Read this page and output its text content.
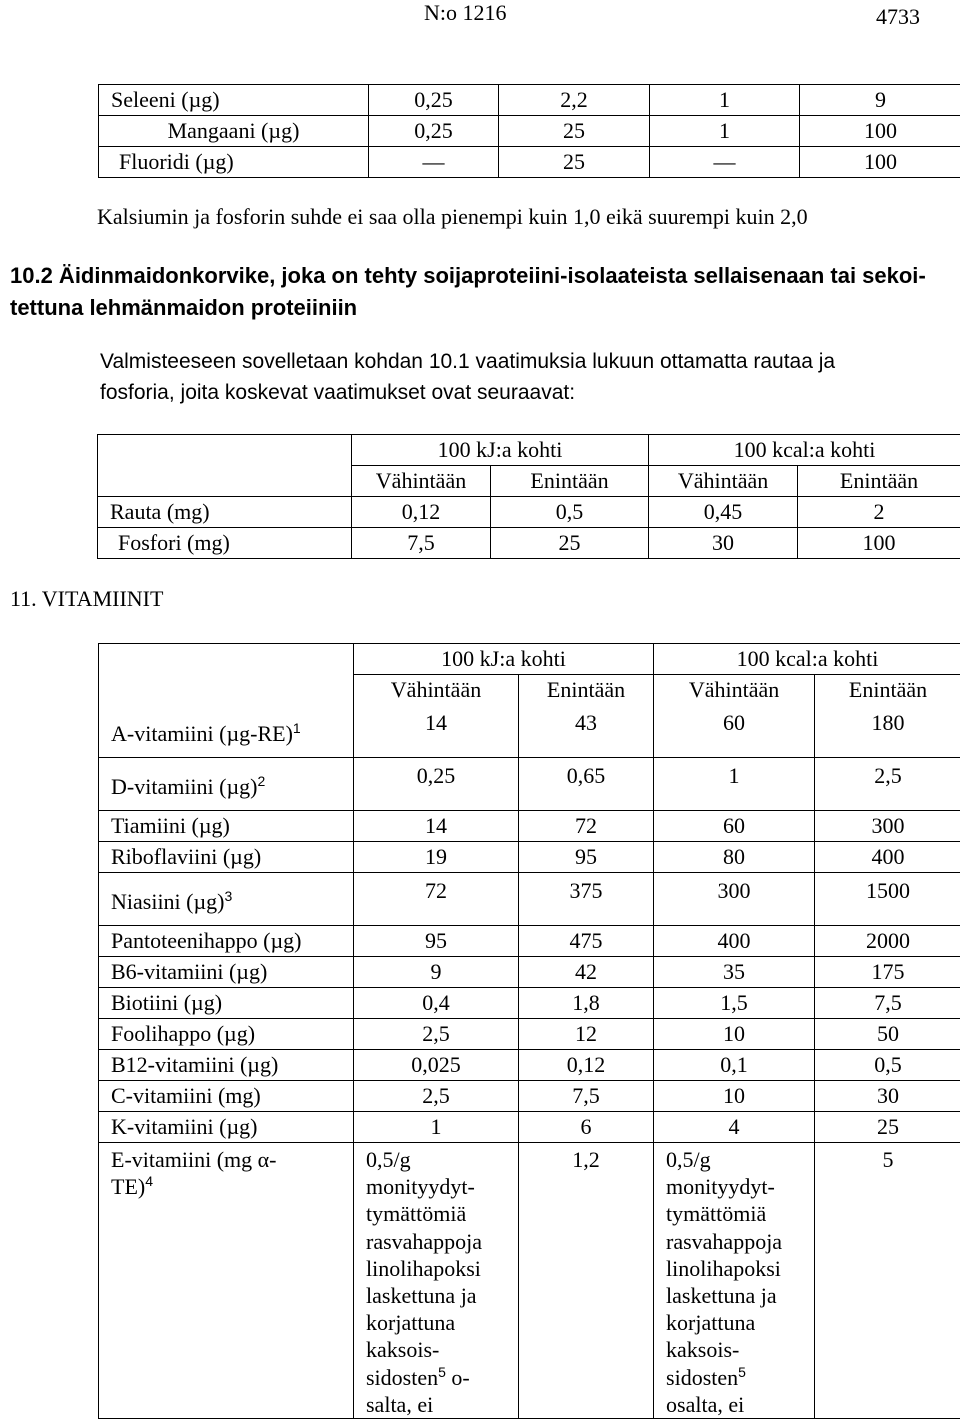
N:o 1216	4733
Seleeni (µg)	0,25	2,2	1	9
Mangaani (µg)	0,25	25	1	100
Fluoridi (µg)	—	25	—	100
Kalsiumin ja fosforin suhde ei saa olla pienempi kuin 1,0 eikä suurempi kuin 2,0
10.2 Äidinmaidonkorvike, joka on tehty soijaproteiini-isolaateista sellaisenaan tai sekoitettuna lehmänmaidon proteiiniin
Valmisteeseen sovelletaan kohdan 10.1 vaatimuksia lukuun ottamatta rautaa ja fosforia, joita koskevat vaatimukset ovat seuraavat:
	100 kJ:a kohti		100 kcal:a kohti	
	Vähintään	Enintään	Vähintään	Enintään
Rauta (mg)	0,12	0,5	0,45	2
Fosfori (mg)	7,5	25	30	100
11. VITAMIINIT
	100 kJ:a kohti		100 kcal:a kohti	
	Vähintään	Enintään	Vähintään	Enintään
A-vitamiini $(\mu g-RE)^1$	14	43	60	180
D-vitamiini $(\mu g)^2$	0,25	0,65	1	2,5
Tiamiini (µg)	14	72	60	300
Riboflaviini (µg)	19	95	80	400
Niasiini $(\mu g)^3$	72	375	300	1500
Pantoteenihappo (µg)	95	475	400	2000
B6-vitamiini (µg)	9	42	35	175
Biotiini (µg)	0,4	1,8	1,5	7,5
Foolihappo (µg)	2,5	12	10	50
B12-vitamiini (µg)	0,025	0,12	0,1	0,5
C-vitamiini (mg)	2,5	7,5	10	30
K-vitamiini (µg)	1	6	4	25

E-vitamiini (mg α-
TE)$^4$	0,5/g monityydyt-tymättömiä rasvahappoja linolihapoksi laskettuna ja korjattuna kaksois-sidosten$^5$ o-salta, ei	1,2	0,5/g monityydyt-tymättömiä rasvahappoja linolihapoksi laskettuna ja korjattuna kaksois-sidosten$^5$ osalta, ei	5
